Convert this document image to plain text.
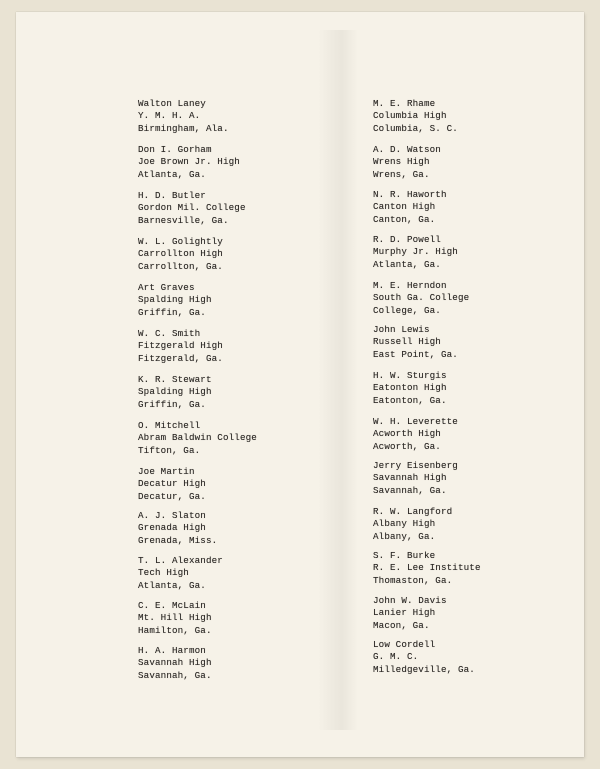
Walton Laney
Y. M. H. A.
Birmingham, Ala.
Don I. Gorham
Joe Brown Jr. High
Atlanta, Ga.
H. D. Butler
Gordon Mil. College
Barnesville, Ga.
W. L. Golightly
Carrollton High
Carrollton, Ga.
Art Graves
Spalding High
Griffin, Ga.
W. C. Smith
Fitzgerald High
Fitzgerald, Ga.
K. R. Stewart
Spalding High
Griffin, Ga.
O. Mitchell
Abram Baldwin College
Tifton, Ga.
Joe Martin
Decatur High
Decatur, Ga.
A. J. Slaton
Grenada High
Grenada, Miss.
T. L. Alexander
Tech High
Atlanta, Ga.
C. E. McLain
Mt. Hill High
Hamilton, Ga.
H. A. Harmon
Savannah High
Savannah, Ga.
M. E. Rhame
Columbia High
Columbia, S. C.
A. D. Watson
Wrens High
Wrens, Ga.
N. R. Haworth
Canton High
Canton, Ga.
R. D. Powell
Murphy Jr. High
Atlanta, Ga.
M. E. Herndon
South Ga. College
College, Ga.
John Lewis
Russell High
East Point, Ga.
H. W. Sturgis
Eatonton High
Eatonton, Ga.
W. H. Leverette
Acworth High
Acworth, Ga.
Jerry Eisenberg
Savannah High
Savannah, Ga.
R. W. Langford
Albany High
Albany, Ga.
S. F. Burke
R. E. Lee Institute
Thomaston, Ga.
John W. Davis
Lanier High
Macon, Ga.
Low Cordell
G. M. C.
Milledgeville, Ga.
